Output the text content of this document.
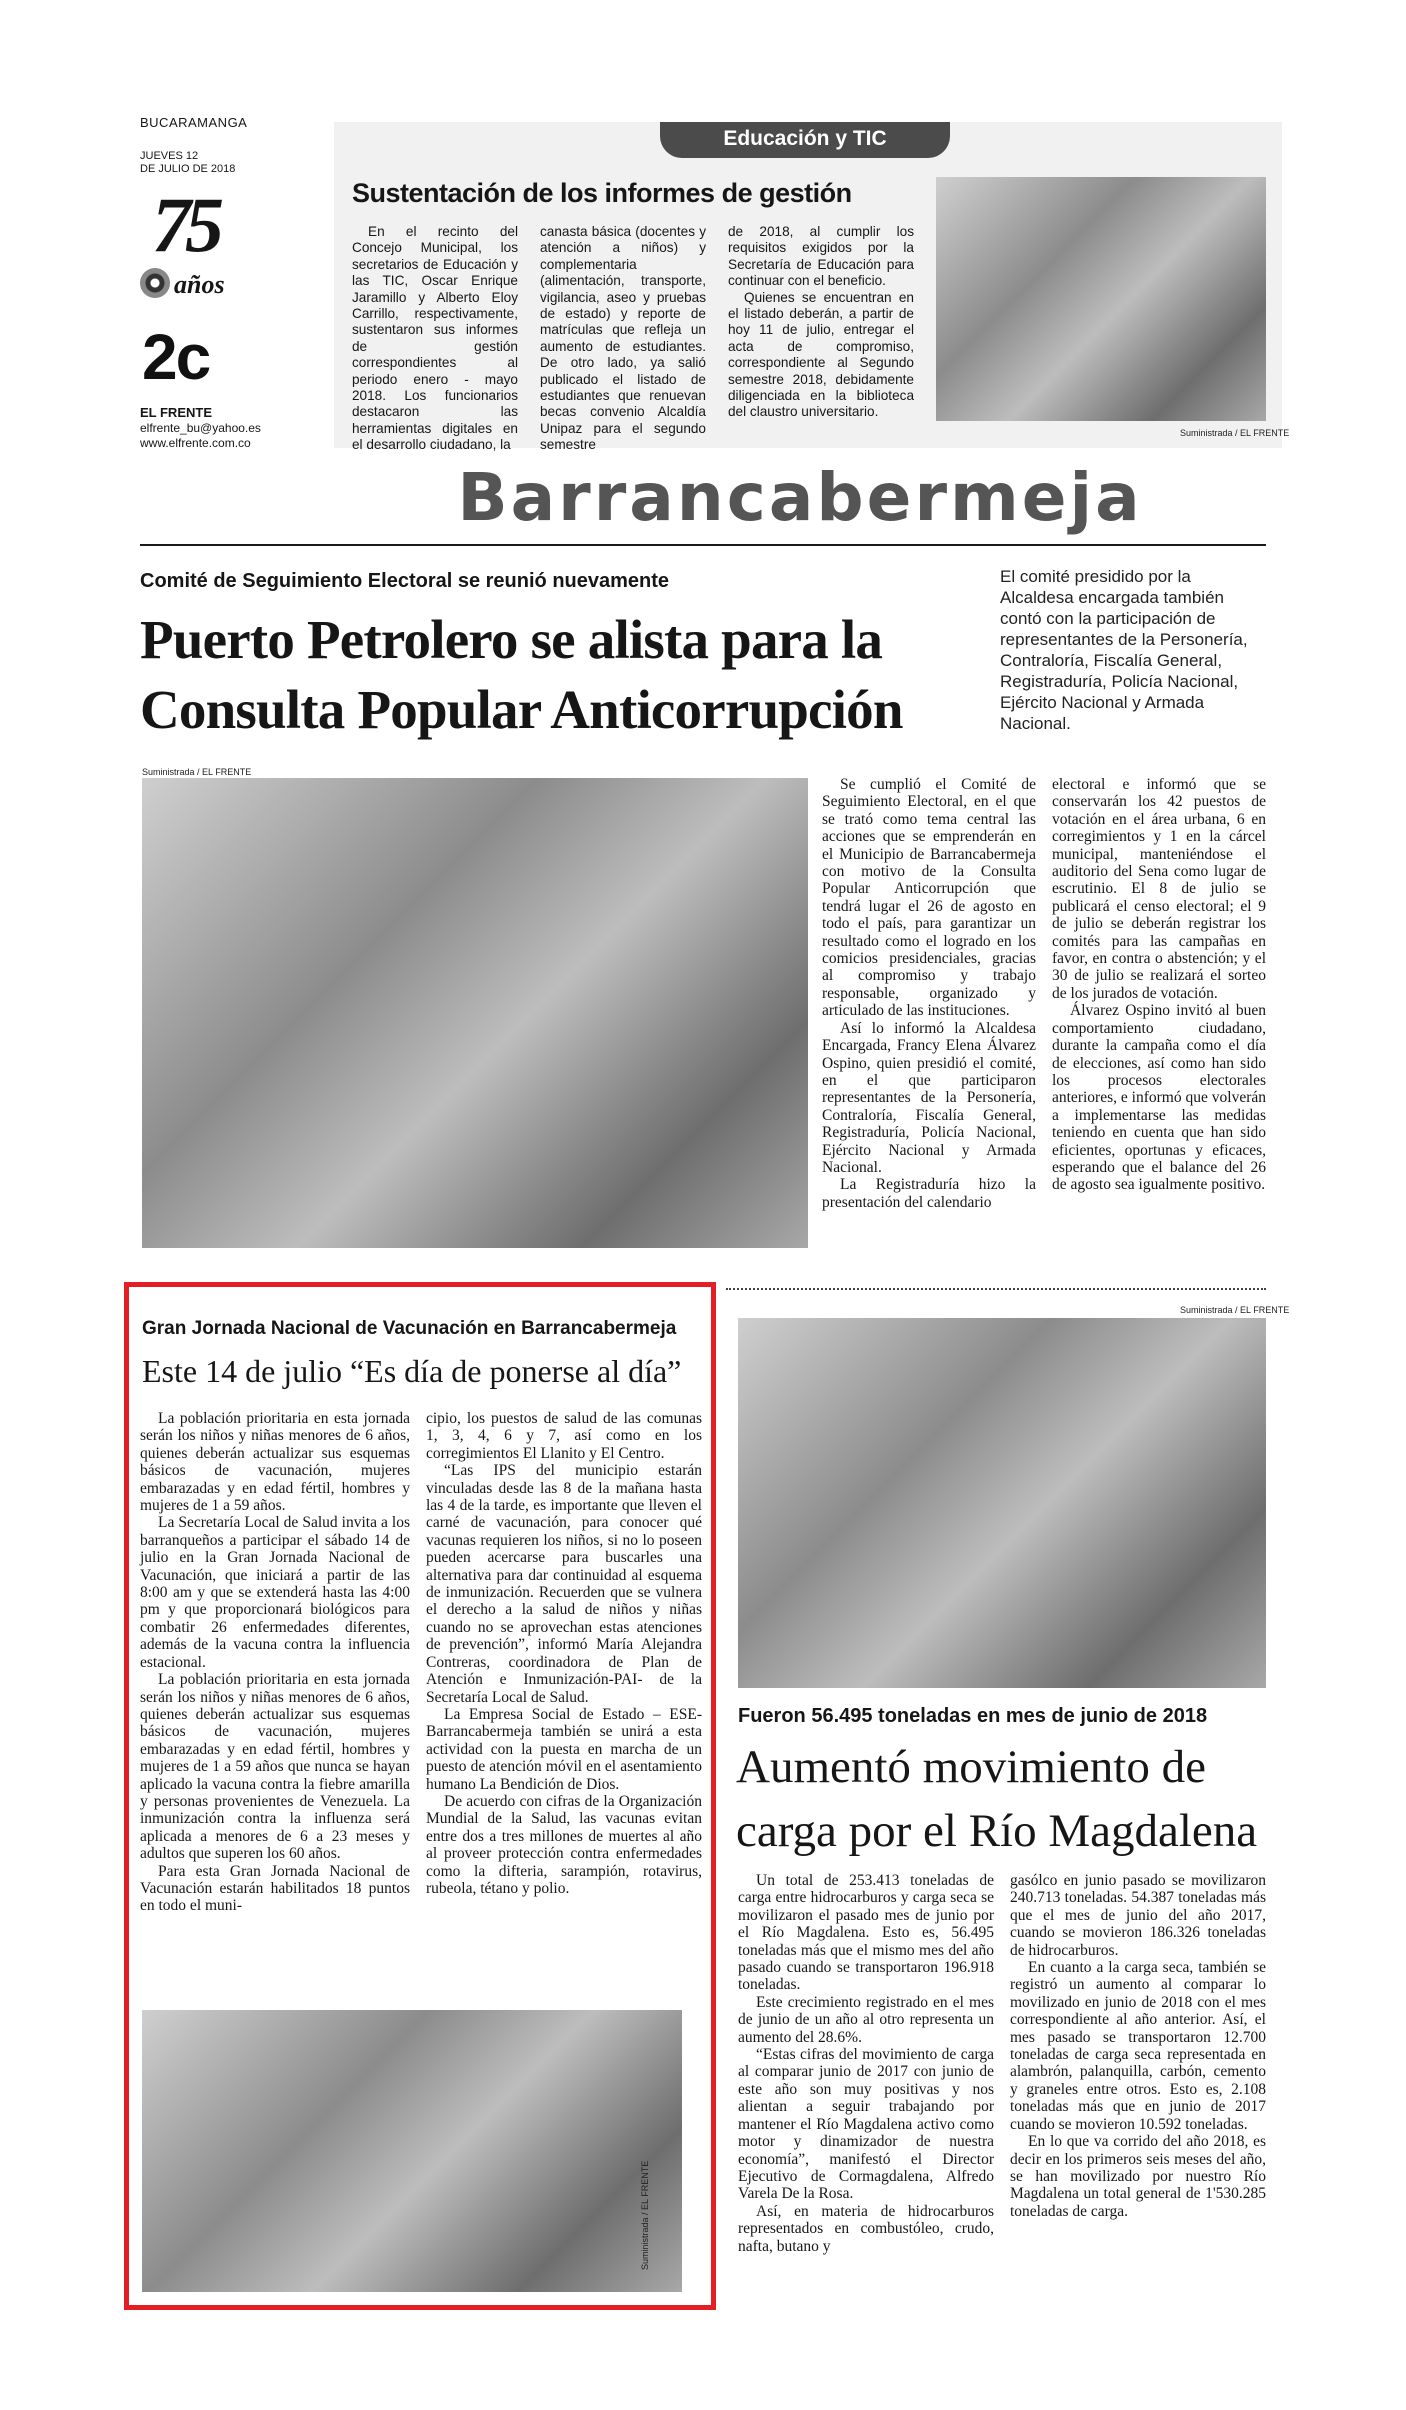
BUCARAMANGA
JUEVES 12
DE JULIO DE 2018
75
años
2c
EL FRENTE
elfrente_bu@yahoo.es
www.elfrente.com.co
Educación y TIC
Sustentación de los informes de gestión

En el recinto del Concejo Municipal, los secretarios de Educación y las TIC, Oscar Enrique Jaramillo y Alberto Eloy Carrillo, respectivamente, sustentaron sus informes de gestión correspondientes al periodo enero - mayo 2018. Los funcionarios destacaron las herramientas digitales en el desarrollo ciudadano, la

canasta básica (docentes y atención a niños) y complementaria (alimentación, transporte, vigilancia, aseo y pruebas de estado) y reporte de matrículas que refleja un aumento de estudiantes. De otro lado, ya salió publicado el listado de estudiantes que renuevan becas convenio Alcaldía Unipaz para el segundo semestre

de 2018, al cumplir los requisitos exigidos por la Secretaría de Educación para continuar con el beneficio.

Quienes se encuentran en el listado deberán, a partir de hoy 11 de julio, entregar el acta de compromiso, correspondiente al Segundo semestre 2018, debidamente diligenciada en la biblioteca del claustro universitario.

Suministrada / EL FRENTE
Barrancabermeja
Comité de Seguimiento Electoral se reunió nuevamente
Puerto Petrolero se alista para la
Consulta Popular Anticorrupción
El comité presidido por la Alcaldesa encargada también contó con la participación de representantes de la Personería, Contraloría, Fiscalía General, Registraduría, Policía Nacional, Ejército Nacional y Armada Nacional.
Suministrada / EL FRENTE

Se cumplió el Comité de Seguimiento Electoral, en el que se trató como tema central las acciones que se emprenderán en el Municipio de Barrancabermeja con motivo de la Consulta Popular Anticorrupción que tendrá lugar el 26 de agosto en todo el país, para garantizar un resultado como el logrado en los comicios presidenciales, gracias al compromiso y trabajo responsable, organizado y articulado de las instituciones.

Así lo informó la Alcaldesa Encargada, Francy Elena Álvarez Ospino, quien presidió el comité, en el que participaron representantes de la Personería, Contraloría, Fiscalía General, Registraduría, Policía Nacional, Ejército Nacional y Armada Nacional.

La Registraduría hizo la presentación del calendario

electoral e informó que se conservarán los 42 puestos de votación en el área urbana, 6 en corregimientos y 1 en la cárcel municipal, manteniéndose el auditorio del Sena como lugar de escrutinio. El 8 de julio se publicará el censo electoral; el 9 de julio se deberán registrar los comités para las campañas en favor, en contra o abstención; y el 30 de julio se realizará el sorteo de los jurados de votación.

Álvarez Ospino invitó al buen comportamiento ciudadano, durante la campaña como el día de elecciones, así como han sido los procesos electorales anteriores, e informó que volverán a implementarse las medidas teniendo en cuenta que han sido eficientes, oportunas y eficaces, esperando que el balance del 26 de agosto sea igualmente positivo.

Gran Jornada Nacional de Vacunación en Barrancabermeja
Este 14 de julio “Es día de ponerse al día”

La población prioritaria en esta jornada serán los niños y niñas menores de 6 años, quienes deberán actualizar sus esquemas básicos de vacunación, mujeres embarazadas y en edad fértil, hombres y mujeres de 1 a 59 años.

La Secretaría Local de Salud invita a los barranqueños a participar el sábado 14 de julio en la Gran Jornada Nacional de Vacunación, que iniciará a partir de las 8:00 am y que se extenderá hasta las 4:00 pm y que proporcionará biológicos para combatir 26 enfermedades diferentes, además de la vacuna contra la influencia estacional.

La población prioritaria en esta jornada serán los niños y niñas menores de 6 años, quienes deberán actualizar sus esquemas básicos de vacunación, mujeres embarazadas y en edad fértil, hombres y mujeres de 1 a 59 años que nunca se hayan aplicado la vacuna contra la fiebre amarilla y personas provenientes de Venezuela. La inmunización contra la influenza será aplicada a menores de 6 a 23 meses y adultos que superen los 60 años.

Para esta Gran Jornada Nacional de Vacunación estarán habilitados 18 puntos en todo el muni-

cipio, los puestos de salud de las comunas 1, 3, 4, 6 y 7, así como en los corregimientos El Llanito y El Centro.

“Las IPS del municipio estarán vinculadas desde las 8 de la mañana hasta las 4 de la tarde, es importante que lleven el carné de vacunación, para conocer qué vacunas requieren los niños, si no lo poseen pueden acercarse para buscarles una alternativa para dar continuidad al esquema de inmunización. Recuerden que se vulnera el derecho a la salud de niños y niñas cuando no se aprovechan estas atenciones de prevención”, informó María Alejandra Contreras, coordinadora de Plan de Atención e Inmunización-PAI- de la Secretaría Local de Salud.

La Empresa Social de Estado – ESE- Barrancabermeja también se unirá a esta actividad con la puesta en marcha de un puesto de atención móvil en el asentamiento humano La Bendición de Dios.

De acuerdo con cifras de la Organización Mundial de la Salud, las vacunas evitan entre dos a tres millones de muertes al año al proveer protección contra enfermedades como la difteria, sarampión, rotavirus, rubeola, tétano y polio.

Suministrada / EL FRENTE
Suministrada / EL FRENTE
Fueron 56.495 toneladas en mes de junio de 2018
Aumentó movimiento de
carga por el Río Magdalena

Un total de 253.413 toneladas de carga entre hidrocarburos y carga seca se movilizaron el pasado mes de junio por el Río Magdalena. Esto es, 56.495 toneladas más que el mismo mes del año pasado cuando se transportaron 196.918 toneladas.

Este crecimiento registrado en el mes de junio de un año al otro representa un aumento del 28.6%.

“Estas cifras del movimiento de carga al comparar junio de 2017 con junio de este año son muy positivas y nos alientan a seguir trabajando por mantener el Río Magdalena activo como motor y dinamizador de nuestra economía”, manifestó el Director Ejecutivo de Cormagdalena, Alfredo Varela De la Rosa.

Así, en materia de hidrocarburos representados en combustóleo, crudo, nafta, butano y

gasólco en junio pasado se movilizaron 240.713 toneladas. 54.387 toneladas más que el mes de junio del año 2017, cuando se movieron 186.326 toneladas de hidrocarburos.

En cuanto a la carga seca, también se registró un aumento al comparar lo movilizado en junio de 2018 con el mes correspondiente al año anterior. Así, el mes pasado se transportaron 12.700 toneladas de carga seca representada en alambrón, palanquilla, carbón, cemento y graneles entre otros. Esto es, 2.108 toneladas más que en junio de 2017 cuando se movieron 10.592 toneladas.

En lo que va corrido del año 2018, es decir en los primeros seis meses del año, se han movilizado por nuestro Río Magdalena un total general de 1'530.285 toneladas de carga.
